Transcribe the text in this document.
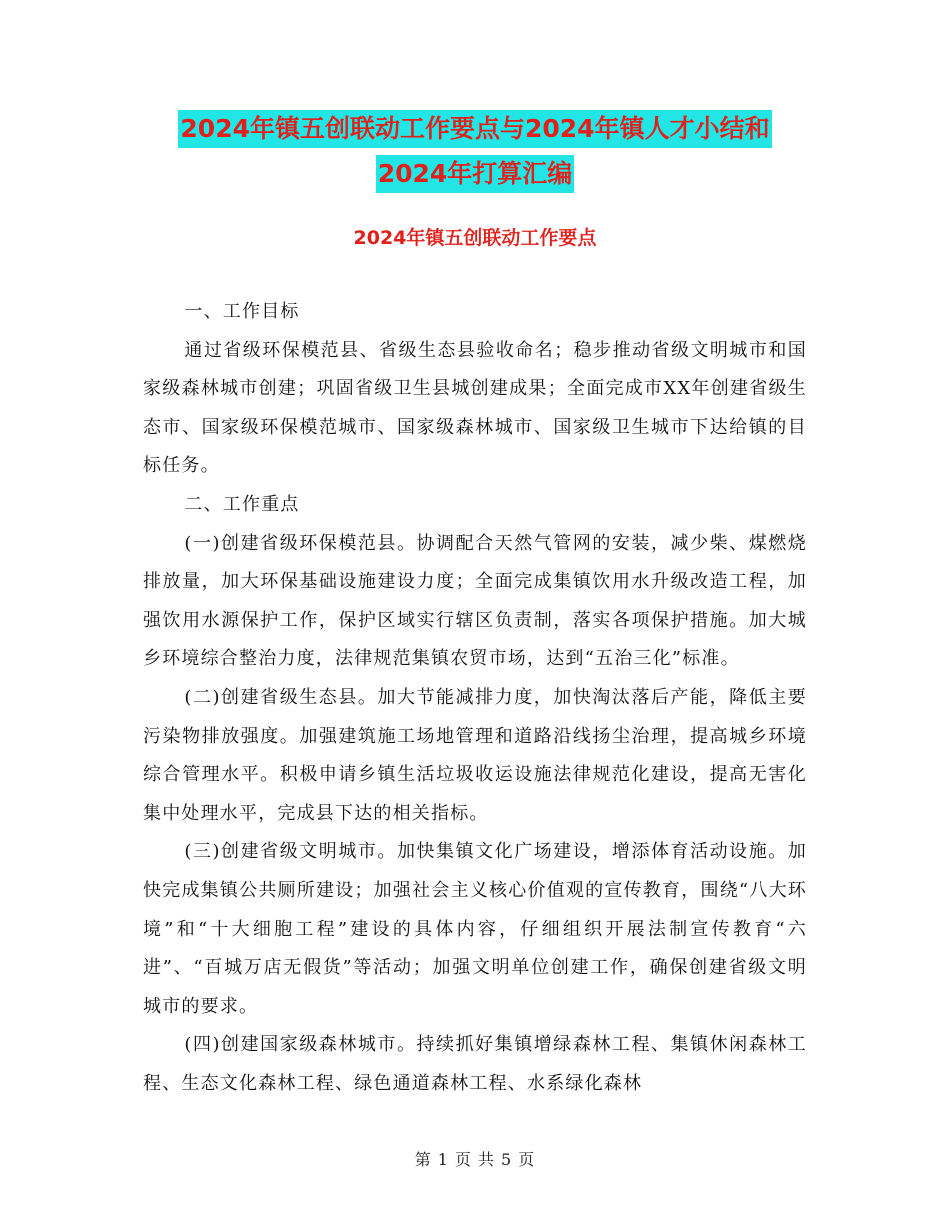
2024年镇五创联动工作要点与2024年镇人才小结和
2024年打算汇编
2024年镇五创联动工作要点

一、工作目标

通过省级环保模范县、省级生态县验收命名；稳步推动省级文明城市和国家级森林城市创建；巩固省级卫生县城创建成果；全面完成市XX年创建省级生态市、国家级环保模范城市、国家级森林城市、国家级卫生城市下达给镇的目标任务。

二、工作重点

(一)创建省级环保模范县。协调配合天然气管网的安装，减少柴、煤燃烧排放量，加大环保基础设施建设力度；全面完成集镇饮用水升级改造工程，加强饮用水源保护工作，保护区域实行辖区负责制，落实各项保护措施。加大城乡环境综合整治力度，法律规范集镇农贸市场，达到“五治三化”标准。

(二)创建省级生态县。加大节能减排力度，加快淘汰落后产能，降低主要污染物排放强度。加强建筑施工场地管理和道路沿线扬尘治理，提高城乡环境综合管理水平。积极申请乡镇生活垃圾收运设施法律规范化建设，提高无害化集中处理水平，完成县下达的相关指标。

(三)创建省级文明城市。加快集镇文化广场建设，增添体育活动设施。加快完成集镇公共厕所建设；加强社会主义核心价值观的宣传教育，围绕“八大环境”和“十大细胞工程”建设的具体内容，仔细组织开展法制宣传教育“六进”、“百城万店无假货”等活动；加强文明单位创建工作，确保创建省级文明城市的要求。

(四)创建国家级森林城市。持续抓好集镇增绿森林工程、集镇休闲森林工程、生态文化森林工程、绿色通道森林工程、水系绿化森林

第 1 页 共 5 页
